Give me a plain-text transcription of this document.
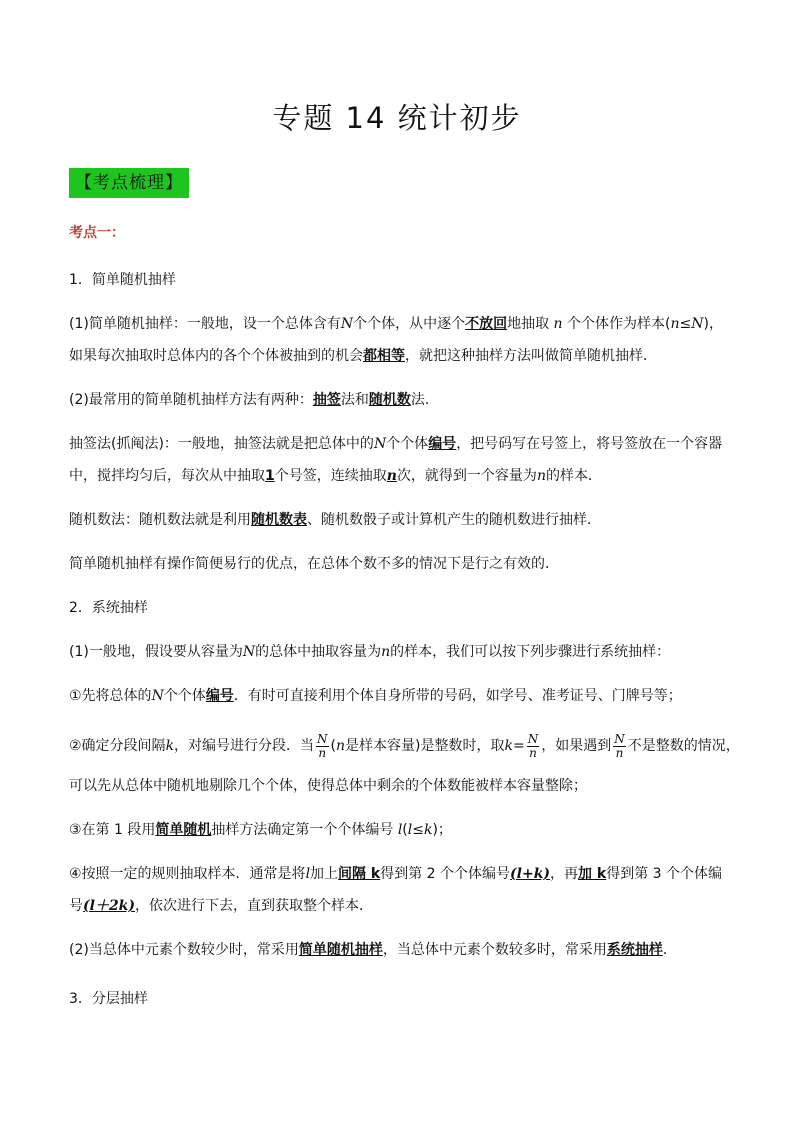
专题 14 统计初步
【考点梳理】
考点一：
1．简单随机抽样
(1)简单随机抽样：一般地，设一个总体含有N个个体，从中逐个不放回地抽取 n 个个体作为样本(n≤N)，
如果每次抽取时总体内的各个个体被抽到的机会都相等，就把这种抽样方法叫做简单随机抽样．
(2)最常用的简单随机抽样方法有两种：抽签法和随机数法．
抽签法(抓阄法)：一般地，抽签法就是把总体中的N个个体编号，把号码写在号签上，将号签放在一个容器
中，搅拌均匀后，每次从中抽取1个号签，连续抽取n次，就得到一个容量为n的样本．
随机数法：随机数法就是利用随机数表、随机数骰子或计算机产生的随机数进行抽样．
简单随机抽样有操作简便易行的优点，在总体个数不多的情况下是行之有效的．
2．系统抽样
(1)一般地，假设要从容量为N的总体中抽取容量为n的样本，我们可以按下列步骤进行系统抽样：
①先将总体的N个个体编号．有时可直接利用个体自身所带的号码，如学号、准考证号、门牌号等；
②确定分段间隔k，对编号进行分段．当 $\frac{N}{n} (n$是样本容量)是整数时，取$k= \frac{N}{n}$ ，如果遇到 $\frac{N}{n}$ 不是整数的情况，
可以先从总体中随机地剔除几个个体，使得总体中剩余的个体数能被样本容量整除；
③在第 1 段用简单随机抽样方法确定第一个个体编号 l(l≤k)；
④按照一定的规则抽取样本．通常是将l加上间隔 k得到第 2 个个体编号(l+k)，再加 k得到第 3 个个体编
号(l＋2k)，依次进行下去，直到获取整个样本．
(2)当总体中元素个数较少时，常采用简单随机抽样，当总体中元素个数较多时，常采用系统抽样．
3．分层抽样
